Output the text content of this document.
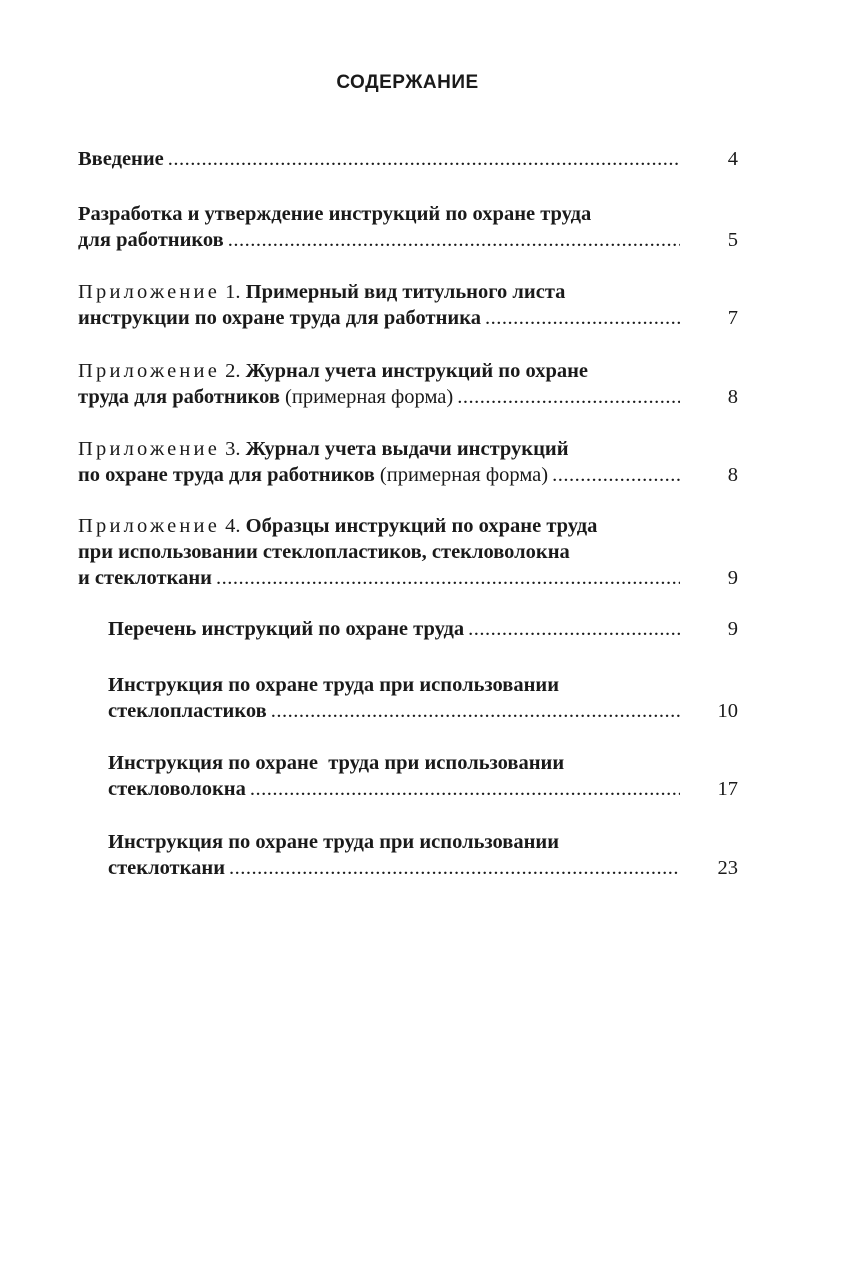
СОДЕРЖАНИЕ
Введение .....	4
Разработка и утверждение инструкций по охране труда
для работников .....	5
Приложение 1. Примерный вид титульного листа
инструкции по охране труда для работника .....	7
Приложение 2. Журнал учета инструкций по охране
труда для работников (примерная форма) .....	8
Приложение 3. Журнал учета выдачи инструкций
по охране труда для работников (примерная форма) .....	8
Приложение 4. Образцы инструкций по охране труда
при использовании стеклопластиков, стекловолокна
и стеклоткани .....	9
Перечень инструкций по охране труда .....	9
Инструкция по охране труда при использовании
стеклопластиков .....	10
Инструкция по охране  труда при использовании
стекловолокна .....	17
Инструкция по охране труда при использовании
стеклоткани .....	23
